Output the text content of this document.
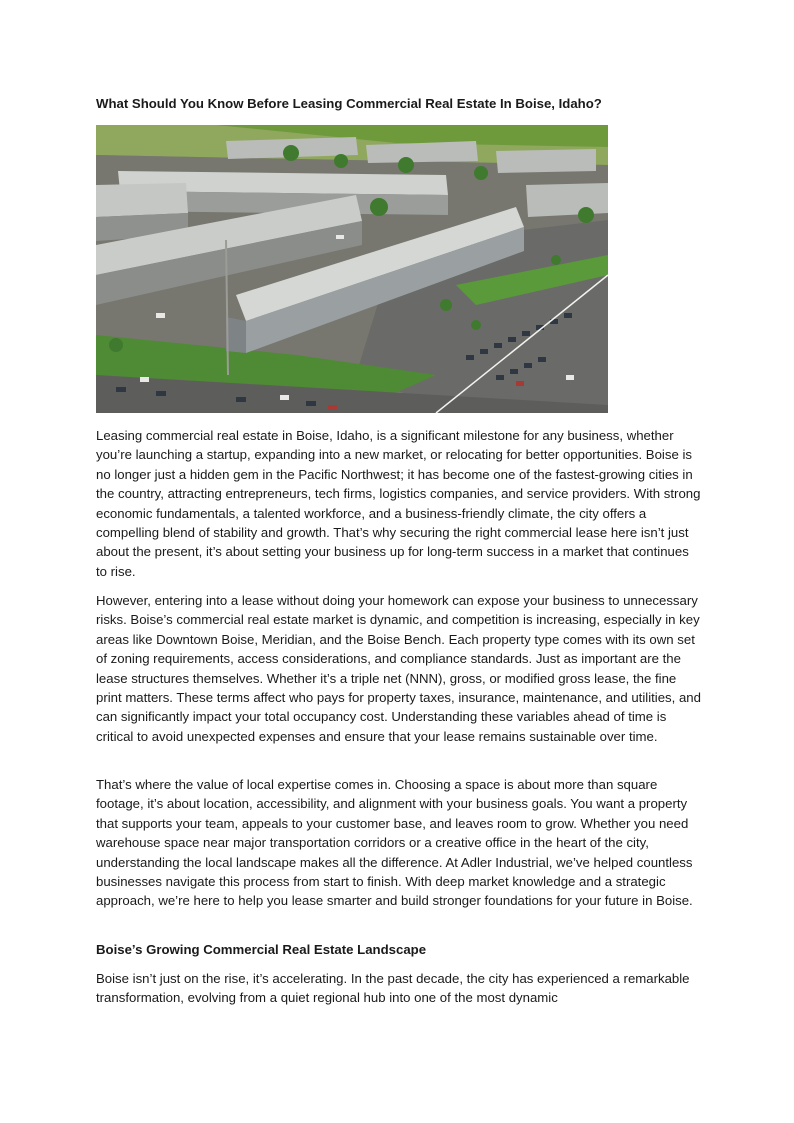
What Should You Know Before Leasing Commercial Real Estate In Boise, Idaho?

Leasing commercial real estate in Boise, Idaho, is a significant milestone for any business, whether you’re launching a startup, expanding into a new market, or relocating for better opportunities. Boise is no longer just a hidden gem in the Pacific Northwest; it has become one of the fastest-growing cities in the country, attracting entrepreneurs, tech firms, logistics companies, and service providers. With strong economic fundamentals, a talented workforce, and a business-friendly climate, the city offers a compelling blend of stability and growth. That’s why securing the right commercial lease here isn’t just about the present, it’s about setting your business up for long-term success in a market that continues to rise.

However, entering into a lease without doing your homework can expose your business to unnecessary risks. Boise’s commercial real estate market is dynamic, and competition is increasing, especially in key areas like Downtown Boise, Meridian, and the Boise Bench. Each property type comes with its own set of zoning requirements, access considerations, and compliance standards. Just as important are the lease structures themselves. Whether it’s a triple net (NNN), gross, or modified gross lease, the fine print matters. These terms affect who pays for property taxes, insurance, maintenance, and utilities, and can significantly impact your total occupancy cost. Understanding these variables ahead of time is critical to avoid unexpected expenses and ensure that your lease remains sustainable over time.

That’s where the value of local expertise comes in. Choosing a space is about more than square footage, it’s about location, accessibility, and alignment with your business goals. You want a property that supports your team, appeals to your customer base, and leaves room to grow. Whether you need warehouse space near major transportation corridors or a creative office in the heart of the city, understanding the local landscape makes all the difference. At Adler Industrial, we’ve helped countless businesses navigate this process from start to finish. With deep market knowledge and a strategic approach, we’re here to help you lease smarter and build stronger foundations for your future in Boise.

Boise’s Growing Commercial Real Estate Landscape

Boise isn’t just on the rise, it’s accelerating. In the past decade, the city has experienced a remarkable transformation, evolving from a quiet regional hub into one of the most dynamic
